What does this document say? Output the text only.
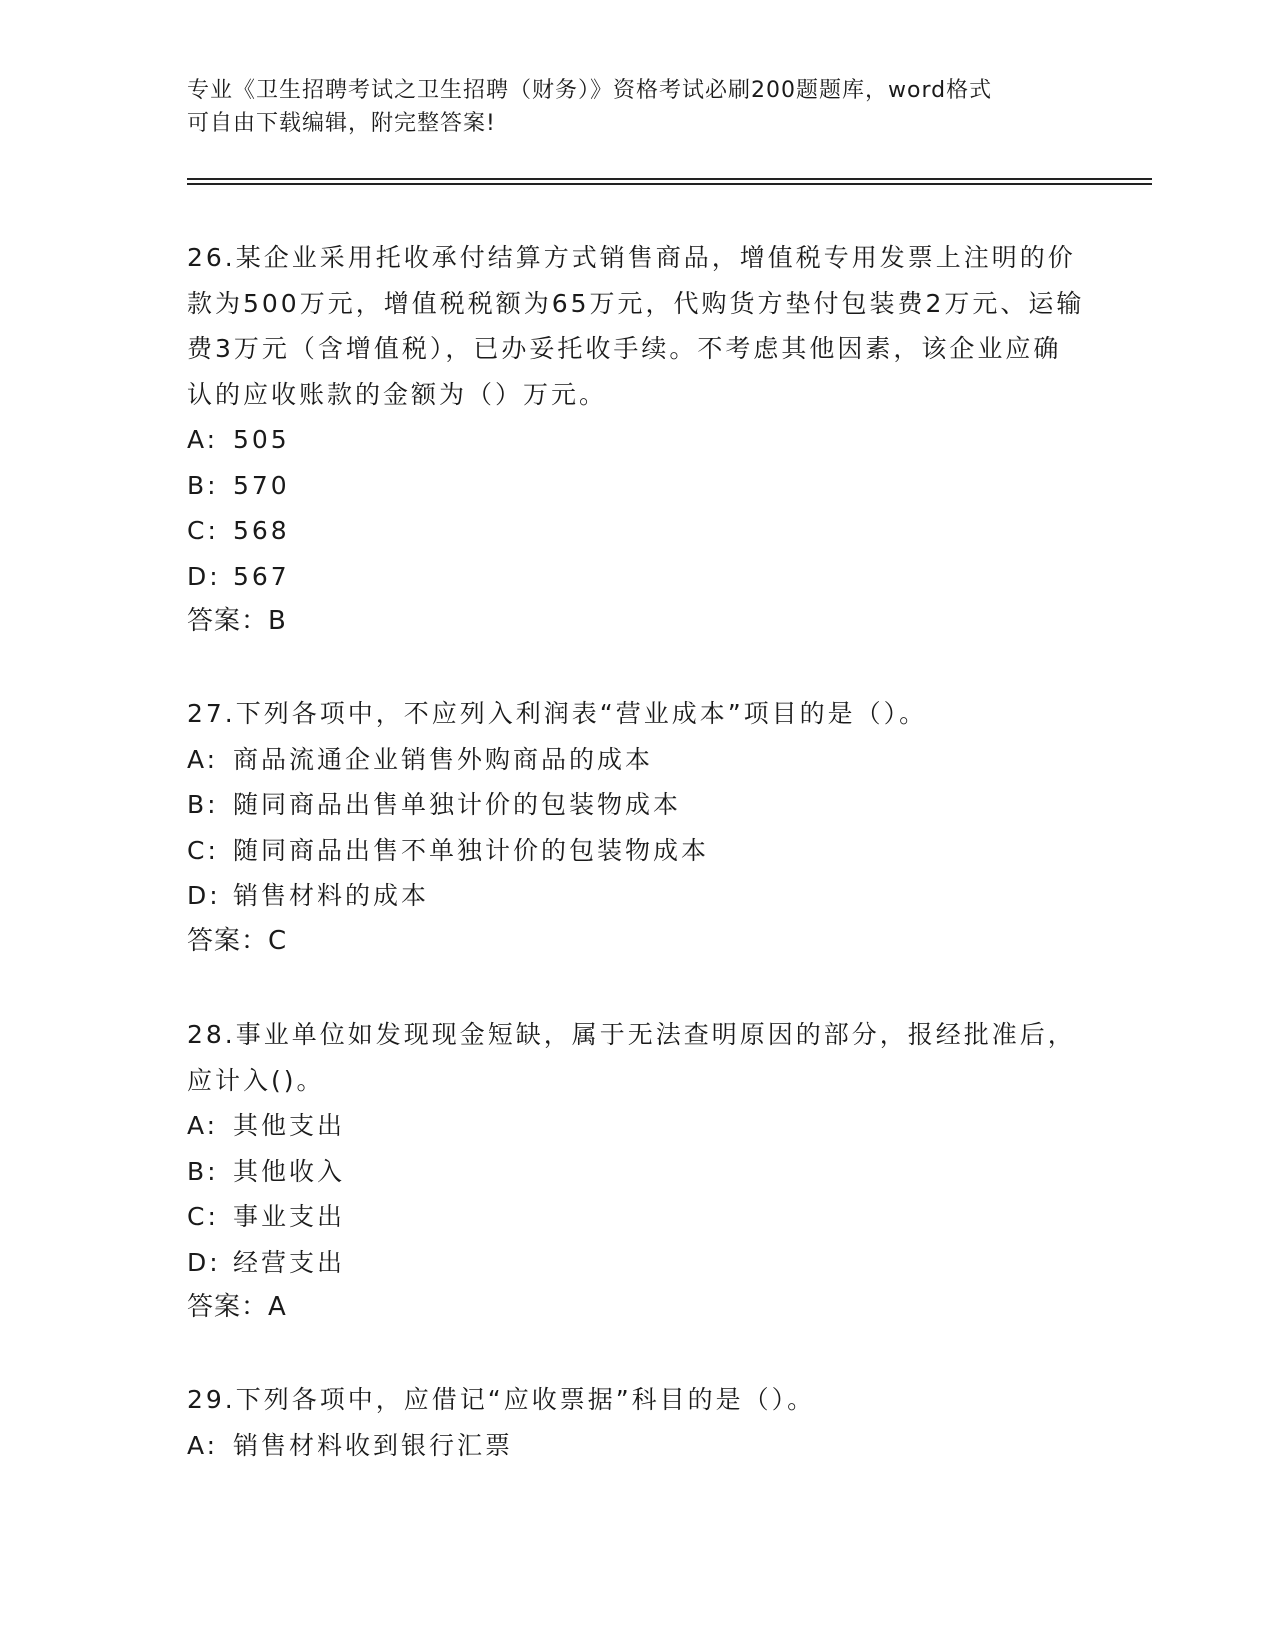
专业《卫生招聘考试之卫生招聘（财务）》资格考试必刷200题题库，word格式
可自由下载编辑，附完整答案!

26.某企业采用托收承付结算方式销售商品，增值税专用发票上注明的价款为500万元，增值税税额为65万元，代购货方垫付包装费2万元、运输费3万元（含增值税），已办妥托收手续。不考虑其他因素，该企业应确认的应收账款的金额为（）万元。

A: 505
B: 570
C: 568
D: 567
答案：B

27.下列各项中，不应列入利润表“营业成本”项目的是（）。

A: 商品流通企业销售外购商品的成本
B: 随同商品出售单独计价的包装物成本
C: 随同商品出售不单独计价的包装物成本
D: 销售材料的成本
答案：C

28.事业单位如发现现金短缺，属于无法查明原因的部分，报经批准后，应计入()。

A: 其他支出
B: 其他收入
C: 事业支出
D: 经营支出
答案：A

29.下列各项中，应借记“应收票据”科目的是（）。

A: 销售材料收到银行汇票
